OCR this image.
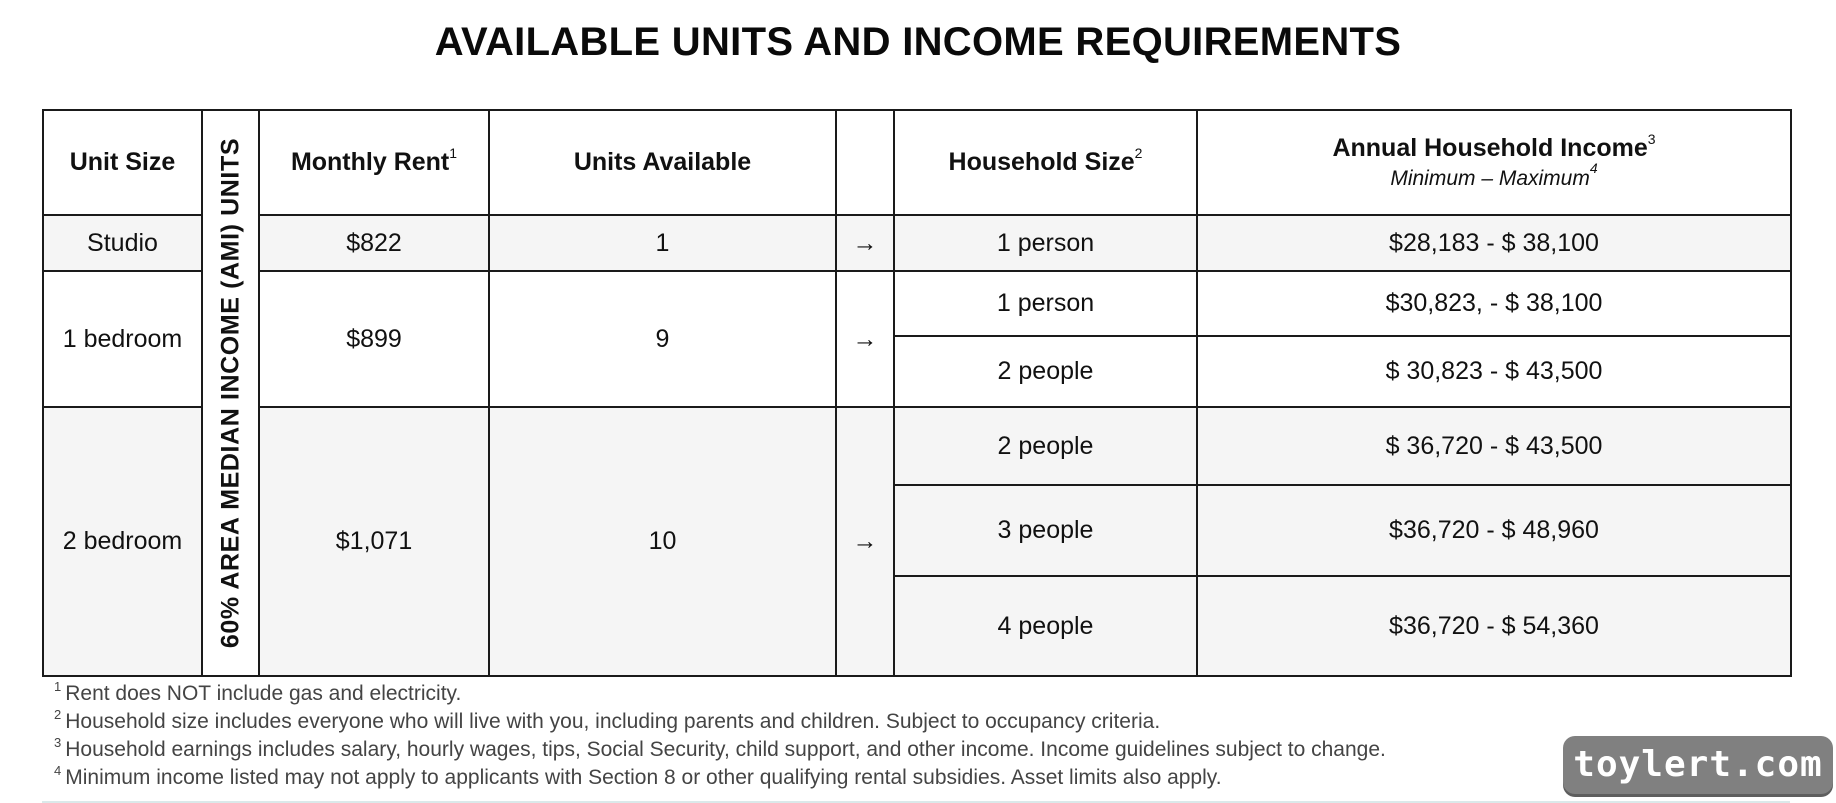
AVAILABLE UNITS AND INCOME REQUIREMENTS
Unit Size	60% AREA MEDIAN INCOME (AMI) UNITS	Monthly Rent$^1$	Units Available		Household Size$^2$	Annual Household Income$^3$
Minimum – Maximum$^4$

Studio		$822	1	→	1 person	$28,183 - $ 38,100
1 bedroom		$899	9	→	1 person	$30,823, - $ 38,100
					2 people	$ 30,823 - $ 43,500
2 bedroom		$1,071	10	→	2 people	$ 36,720 - $ 43,500
					3 people	$36,720 - $ 48,960
					4 people	$36,720 - $ 54,360
$^1$ Rent does NOT include gas and electricity.
$^2$ Household size includes everyone who will live with you, including parents and children. Subject to occupancy criteria.
$^3$ Household earnings includes salary, hourly wages, tips, Social Security, child support, and other income. Income guidelines subject to change.
$^4$ Minimum income listed may not apply to applicants with Section 8 or other qualifying rental subsidies. Asset limits also apply.	toylert.com
